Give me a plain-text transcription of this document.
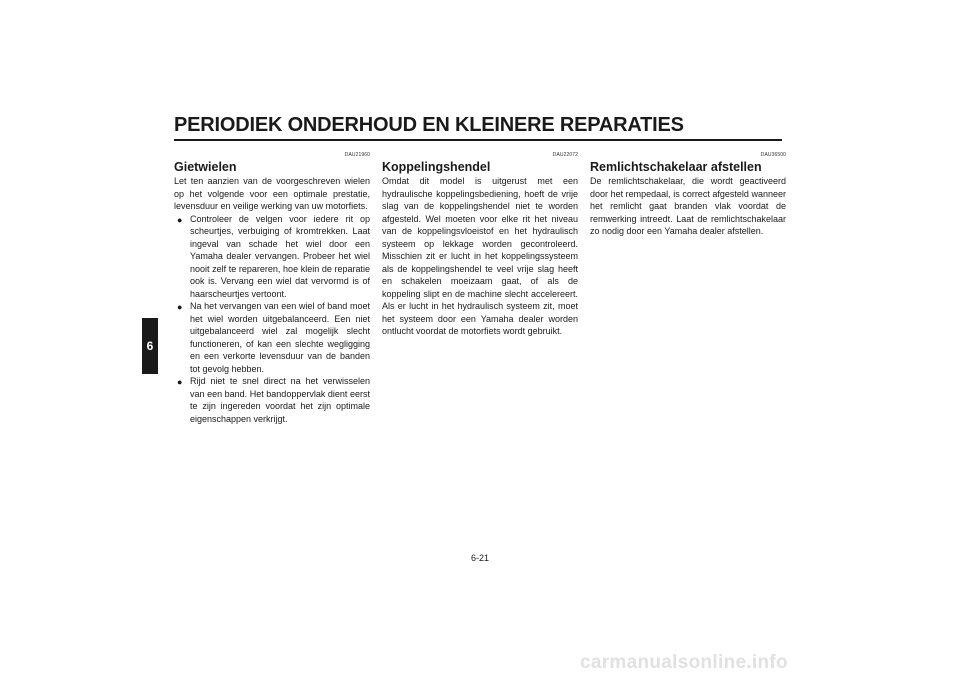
PERIODIEK ONDERHOUD EN KLEINERE REPARATIES
6
DAU21960
Gietwielen

Let ten aanzien van de voorgeschreven wielen op het volgende voor een optimale prestatie, levensduur en veilige werking van uw motorfiets.

● Controleer de velgen voor iedere rit op scheurtjes, verbuiging of kromtrekken. Laat ingeval van schade het wiel door een Yamaha dealer vervangen. Probeer het wiel nooit zelf te repareren, hoe klein de reparatie ook is. Vervang een wiel dat vervormd is of haarscheurtjes vertoont.
● Na het vervangen van een wiel of band moet het wiel worden uitgebalanceerd. Een niet uitgebalanceerd wiel zal mogelijk slecht functioneren, of kan een slechte wegligging en een verkorte levensduur van de banden tot gevolg hebben.
● Rijd niet te snel direct na het verwisselen van een band. Het bandoppervlak dient eerst te zijn ingereden voordat het zijn optimale eigenschappen verkrijgt.
DAU22072
Koppelingshendel

Omdat dit model is uitgerust met een hydraulische koppelingsbediening, hoeft de vrije slag van de koppelingshendel niet te worden afgesteld. Wel moeten voor elke rit het niveau van de koppelingsvloeistof en het hydraulisch systeem op lekkage worden gecontroleerd. Misschien zit er lucht in het koppelingssysteem als de koppelingshendel te veel vrije slag heeft en schakelen moeizaam gaat, of als de koppeling slipt en de machine slecht accelereert. Als er lucht in het hydraulisch systeem zit, moet het systeem door een Yamaha dealer worden ontlucht voordat de motorfiets wordt gebruikt.

DAU36500
Remlichtschakelaar afstellen

De remlichtschakelaar, die wordt geactiveerd door het rempedaal, is correct afgesteld wanneer het remlicht gaat branden vlak voordat de remwerking intreedt. Laat de remlichtschakelaar zo nodig door een Yamaha dealer afstellen.

6-21
carmanualsonline.info
